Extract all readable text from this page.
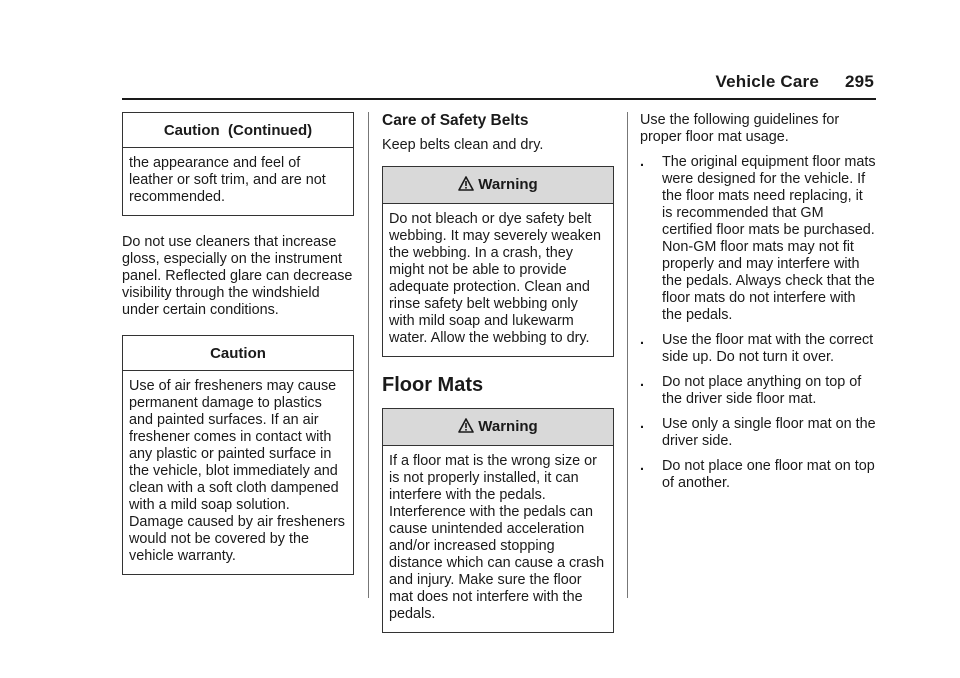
Vehicle Care 295
Caution  (Continued)

the appearance and feel of leather or soft trim, and are not recommended.

Do not use cleaners that increase gloss, especially on the instrument panel. Reflected glare can decrease visibility through the windshield under certain conditions.

Caution

Use of air fresheners may cause permanent damage to plastics and painted surfaces. If an air freshener comes in contact with any plastic or painted surface in the vehicle, blot immediately and clean with a soft cloth dampened with a mild soap solution. Damage caused by air fresheners would not be covered by the vehicle warranty.

Care of Safety Belts

Keep belts clean and dry.

Warning

Do not bleach or dye safety belt webbing. It may severely weaken the webbing. In a crash, they might not be able to provide adequate protection. Clean and rinse safety belt webbing only with mild soap and lukewarm water. Allow the webbing to dry.

Floor Mats
Warning

If a floor mat is the wrong size or is not properly installed, it can interfere with the pedals. Interference with the pedals can cause unintended acceleration and/or increased stopping distance which can cause a crash and injury. Make sure the floor mat does not interfere with the pedals.

Use the following guidelines for proper floor mat usage.

. The original equipment floor mats were designed for the vehicle. If the floor mats need replacing, it is recommended that GM certified floor mats be purchased. Non-GM floor mats may not fit properly and may interfere with the pedals. Always check that the floor mats do not interfere with the pedals.
. Use the floor mat with the correct side up. Do not turn it over.
. Do not place anything on top of the driver side floor mat.
. Use only a single floor mat on the driver side.
. Do not place one floor mat on top of another.
